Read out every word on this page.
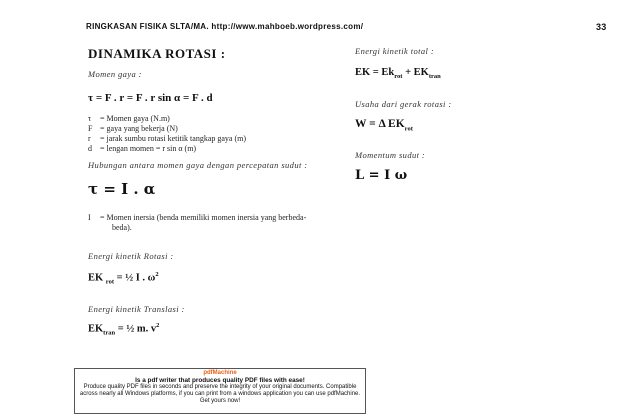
RINGKASAN FISIKA SLTA/MA. http://www.mahboeb.wordpress.com/	33
DINAMIKA ROTASI :
Momen gaya :
τ = F . r = F . r sin α = F . d
τ = Momen gaya (N.m)
F = gaya yang bekerja (N)
r = jarak sumbu rotasi ketitik tangkap gaya (m)
d = lengan momen = r sin α (m)
Hubungan antara momen gaya dengan percepatan sudut :
τ = I . α
I = Momen inersia (benda memiliki momen inersia yang berbeda-
beda).
Energi kinetik Rotasi :
EK $_{rot}$ = ½ I . $\omega^2$
Energi kinetik Translasi :
$EK_{tran}$ = ½ m. $v^2$
Energi kinetik total :
EK = $Ek_{rot} + EK_{tran}$
Usaha dari gerak rotasi :
W = Δ $EK_{rot}$
Momentum sudut :
L = I ω
pdfMachine
Is a pdf writer that produces quality PDF files with ease!
Produce quality PDF files in seconds and preserve the integrity of your original documents. Compatible across nearly all Windows platforms, if you can print from a windows application you can use pdfMachine.
Get yours now!
